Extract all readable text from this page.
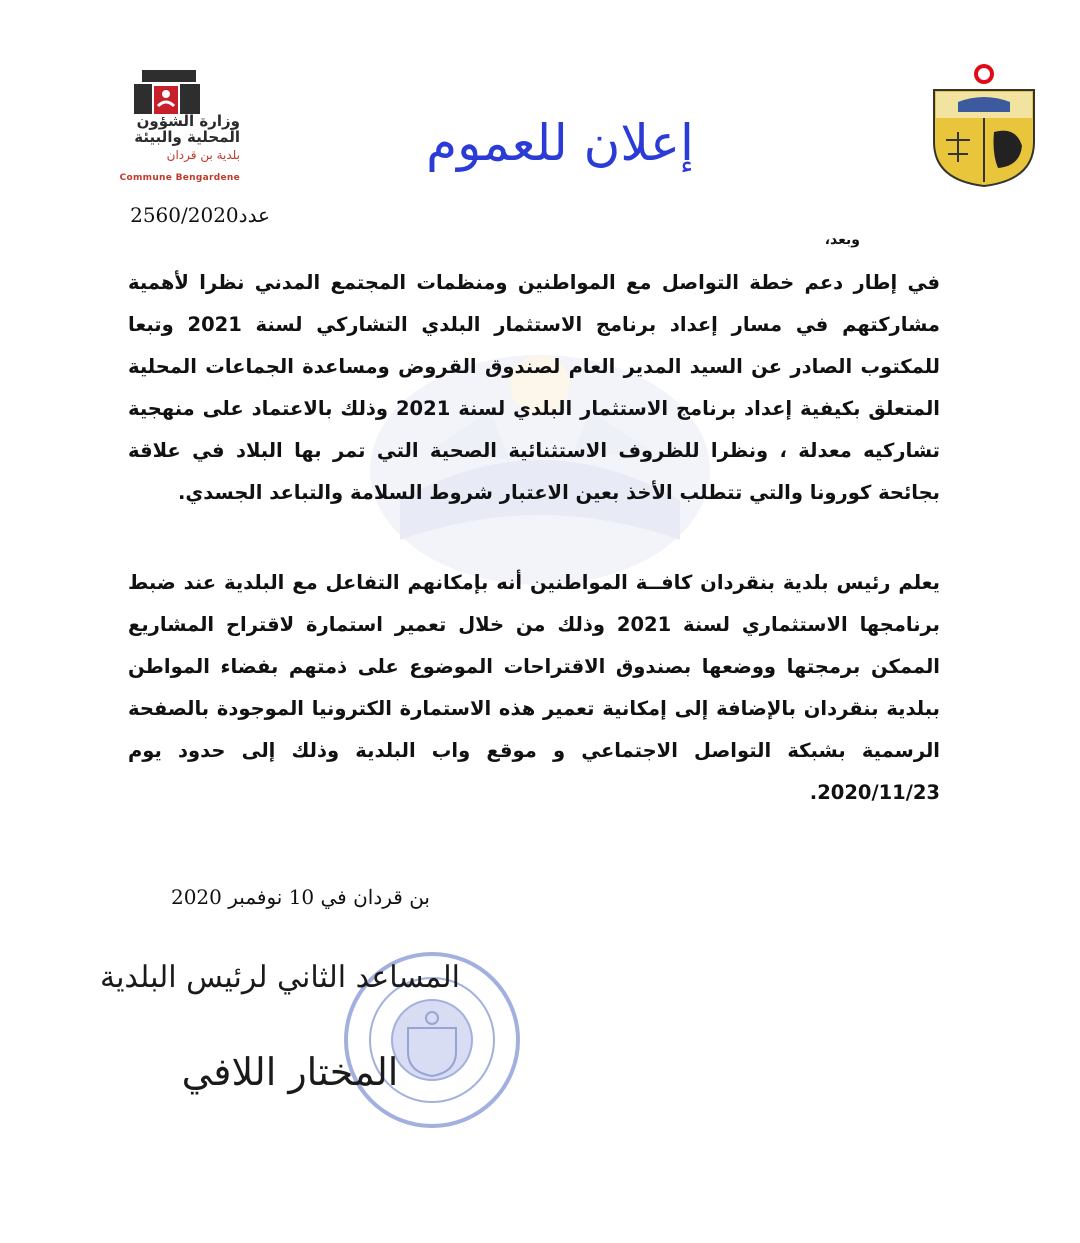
وزارة الشؤون
المحلية والبيئة
بلدية بن قردان
Commune Bengardene
إعلان للعموم
عدد2560/2020
وبعد،
في إطار دعم خطة التواصل مع المواطنين ومنظمات المجتمع المدني نظرا لأهمية مشاركتهم في مسار إعداد برنامج الاستثمار البلدي التشاركي لسنة 2021 وتبعا للمكتوب الصادر عن السيد المدير العام لصندوق القروض ومساعدة الجماعات المحلية المتعلق بكيفية إعداد برنامج الاستثمار البلدي لسنة 2021 وذلك بالاعتماد على منهجية تشاركيه معدلة ، ونظرا للظروف الاستثنائية الصحية التي تمر بها البلاد في علاقة بجائحة كورونا والتي تتطلب الأخذ بعين الاعتبار شروط السلامة والتباعد الجسدي.
يعلم رئيس بلدية بنقردان كافــة المواطنين أنه بإمكانهم التفاعل مع البلدية عند ضبط برنامجها الاستثماري لسنة 2021 وذلك من خلال تعمير استمارة لاقتراح المشاريع الممكن برمجتها ووضعها بصندوق الاقتراحات الموضوع على ذمتهم بفضاء المواطن ببلدية بنقردان بالإضافة إلى إمكانية تعمير هذه الاستمارة الكترونيا الموجودة بالصفحة الرسمية بشبكة التواصل الاجتماعي و موقع واب البلدية وذلك إلى حدود يوم 2020/11/23.
بن قردان في 10 نوفمبر 2020
المساعد الثاني لرئيس البلدية
المختار اللافي
